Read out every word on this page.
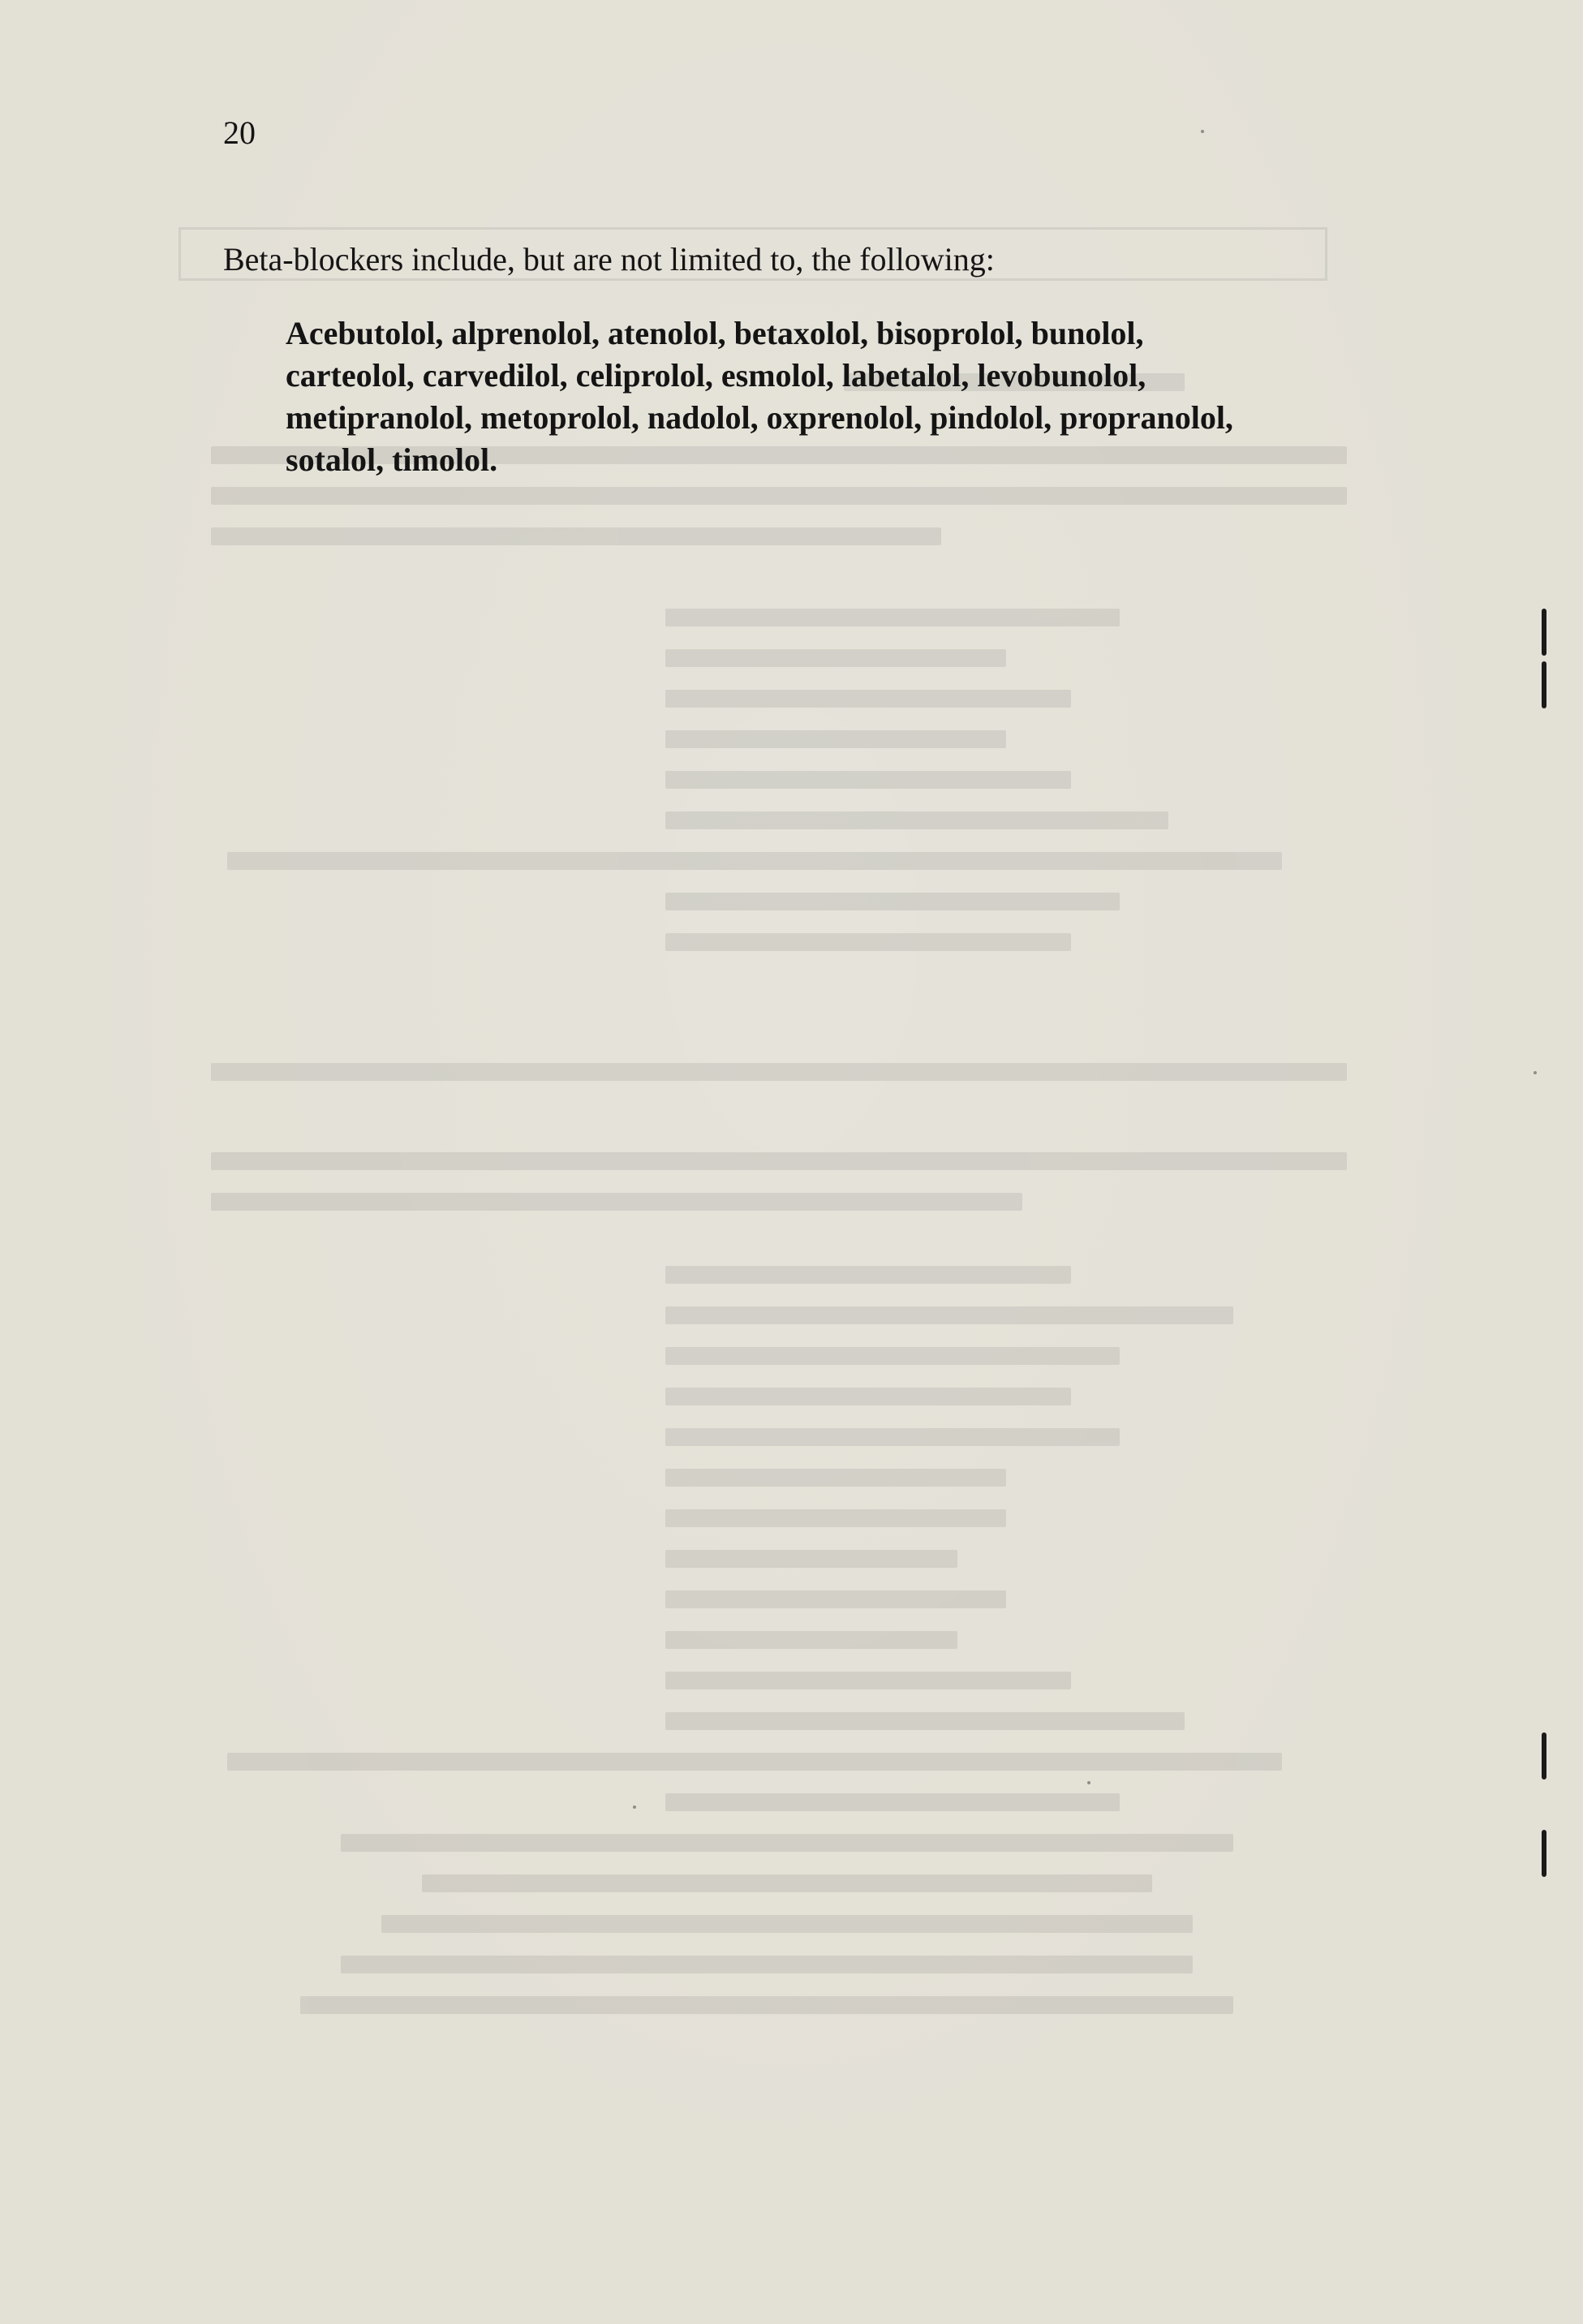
20
Beta-blockers include, but are not limited to, the following:
Acebutolol, alprenolol, atenolol, betaxolol, bisoprolol, bunolol,
carteolol, carvedilol, celiprolol, esmolol, labetalol, levobunolol,
metipranolol, metoprolol, nadolol, oxprenolol, pindolol, propranolol,
sotalol, timolol.
